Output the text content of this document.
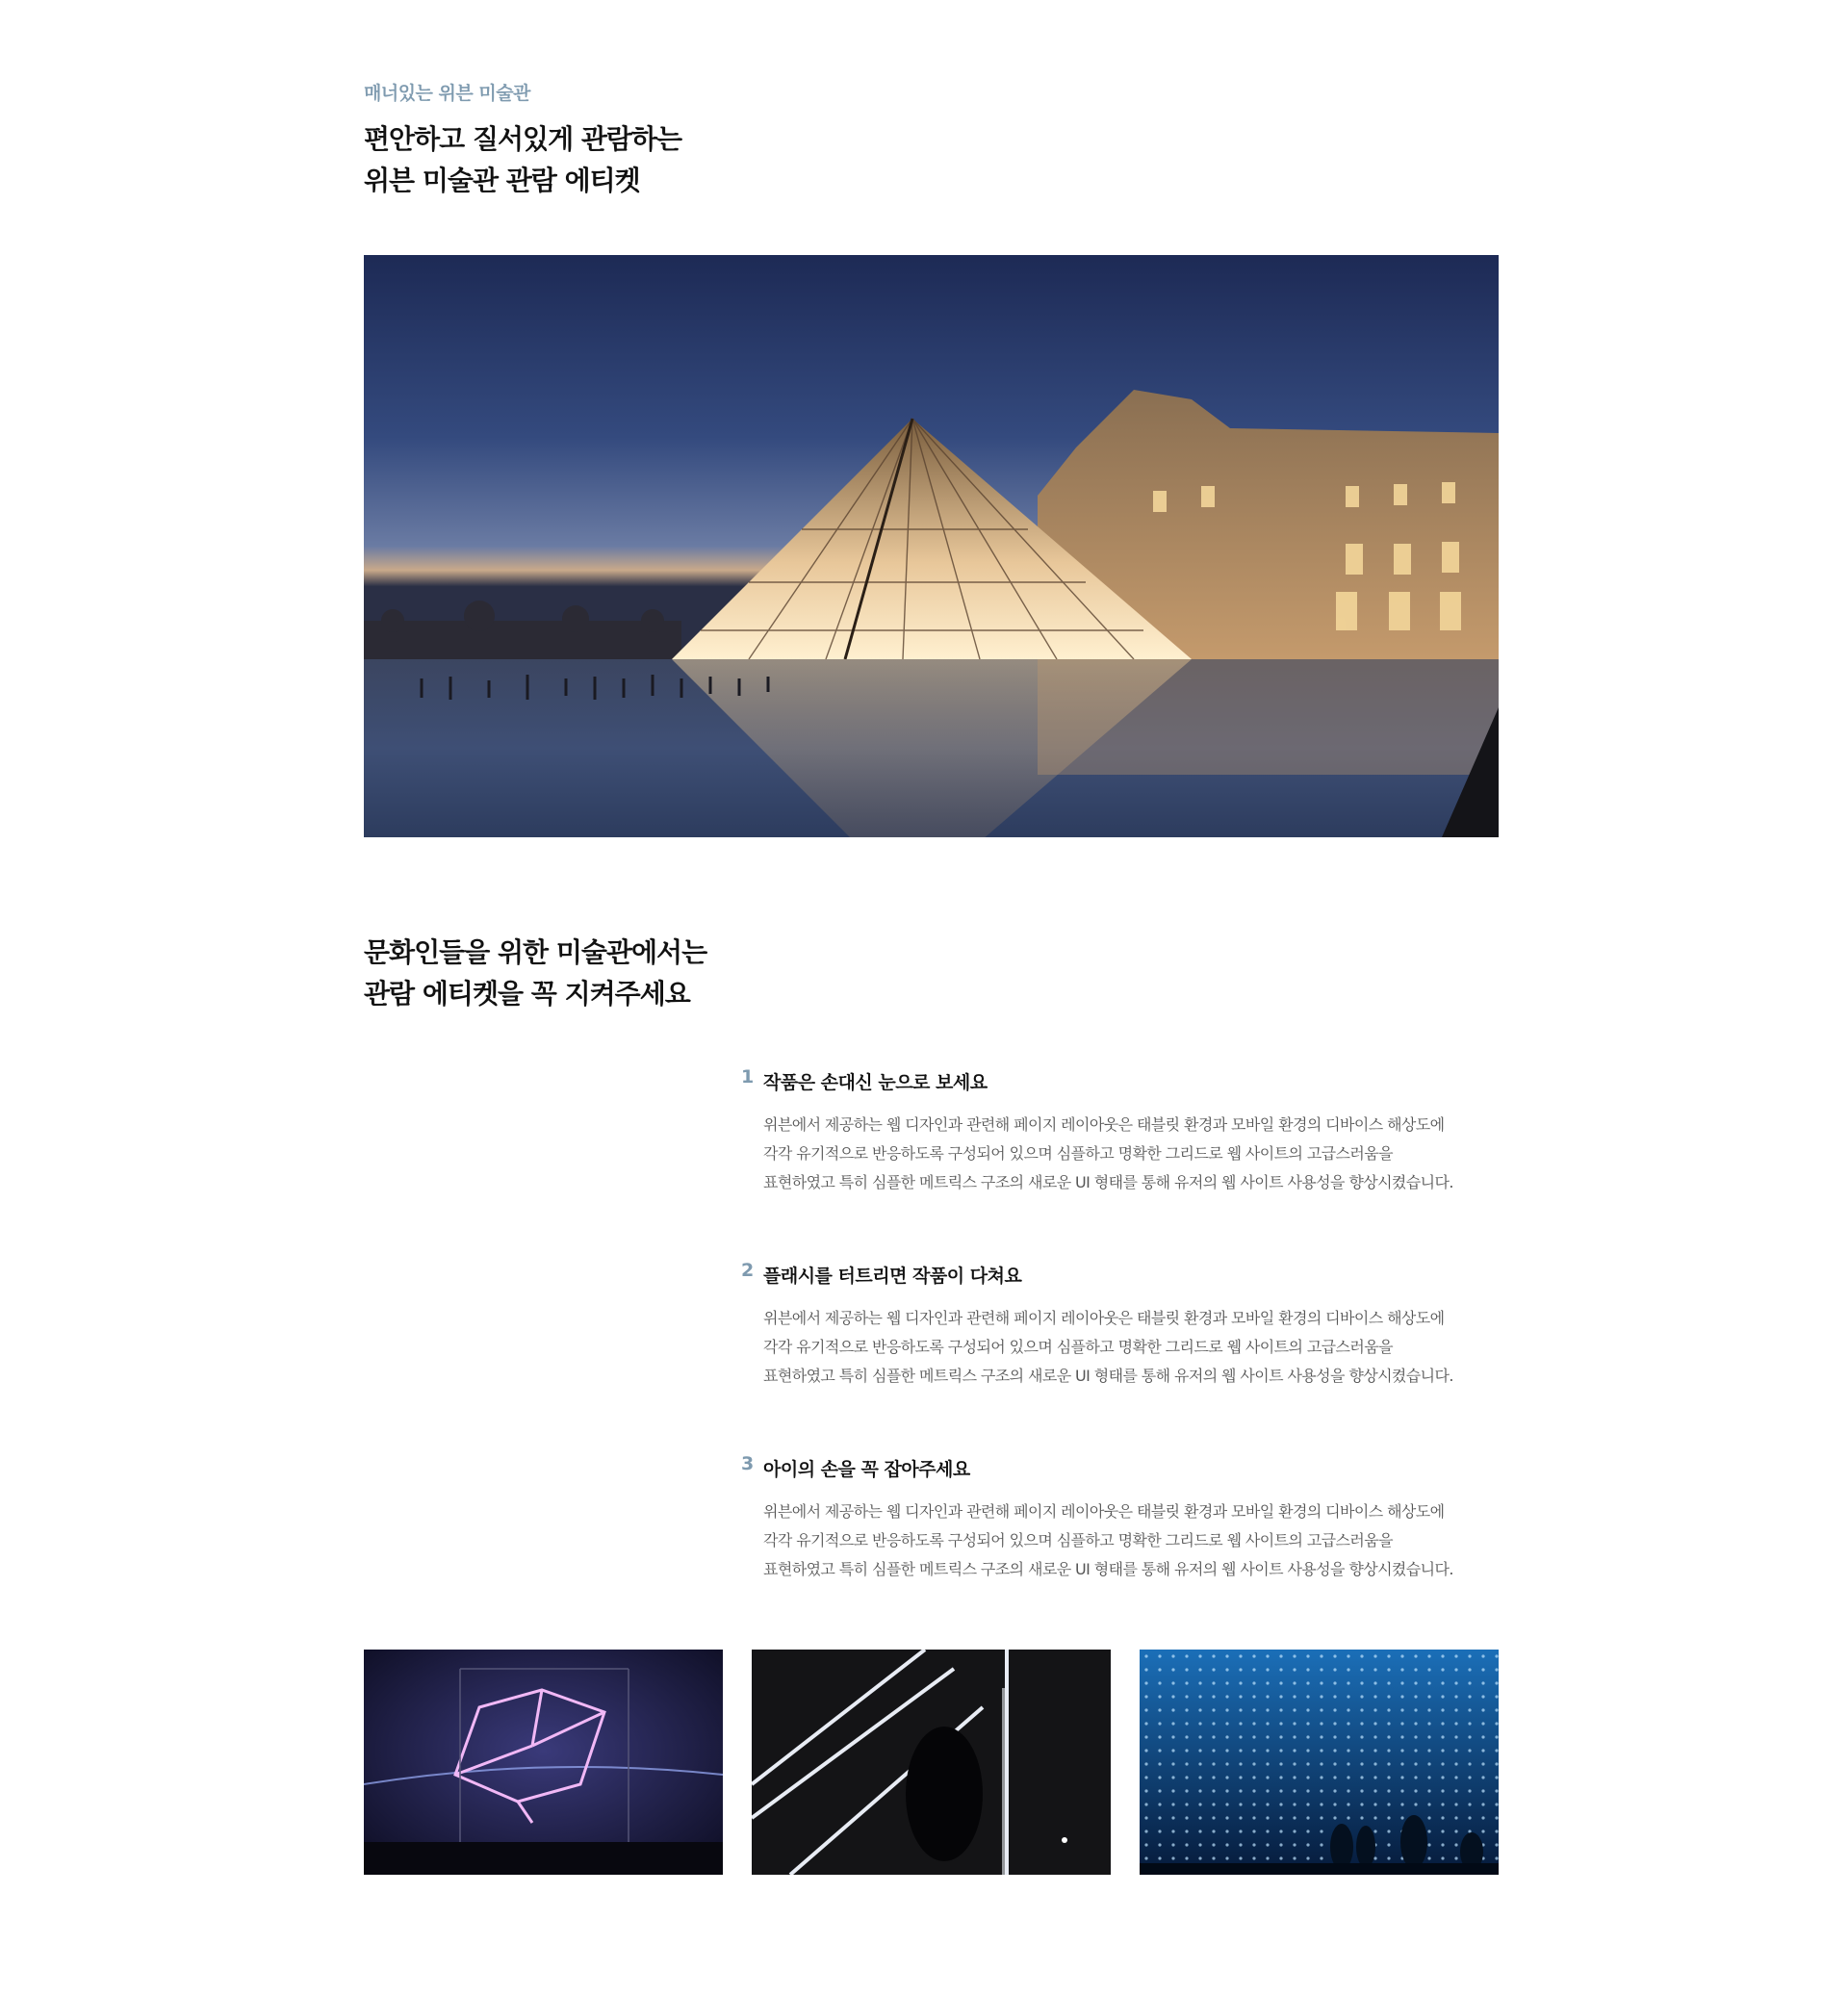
매너있는 위븐 미술관
편안하고 질서있게 관람하는
위븐 미술관 관람 에티켓
문화인들을 위한 미술관에서는
관람 에티켓을 꼭 지켜주세요
1 작품은 손대신 눈으로 보세요
위븐에서 제공하는 웹 디자인과 관련해 페이지 레이아웃은 태블릿 환경과 모바일 환경의 디바이스 해상도에
각각 유기적으로 반응하도록 구성되어 있으며 심플하고 명확한 그리드로 웹 사이트의 고급스러움을
표현하였고 특히 심플한 메트릭스 구조의 새로운 UI 형태를 통해 유저의 웹 사이트 사용성을 향상시켰습니다.
2 플래시를 터트리면 작품이 다쳐요
위븐에서 제공하는 웹 디자인과 관련해 페이지 레이아웃은 태블릿 환경과 모바일 환경의 디바이스 해상도에
각각 유기적으로 반응하도록 구성되어 있으며 심플하고 명확한 그리드로 웹 사이트의 고급스러움을
표현하였고 특히 심플한 메트릭스 구조의 새로운 UI 형태를 통해 유저의 웹 사이트 사용성을 향상시켰습니다.
3 아이의 손을 꼭 잡아주세요
위븐에서 제공하는 웹 디자인과 관련해 페이지 레이아웃은 태블릿 환경과 모바일 환경의 디바이스 해상도에
각각 유기적으로 반응하도록 구성되어 있으며 심플하고 명확한 그리드로 웹 사이트의 고급스러움을
표현하였고 특히 심플한 메트릭스 구조의 새로운 UI 형태를 통해 유저의 웹 사이트 사용성을 향상시켰습니다.
